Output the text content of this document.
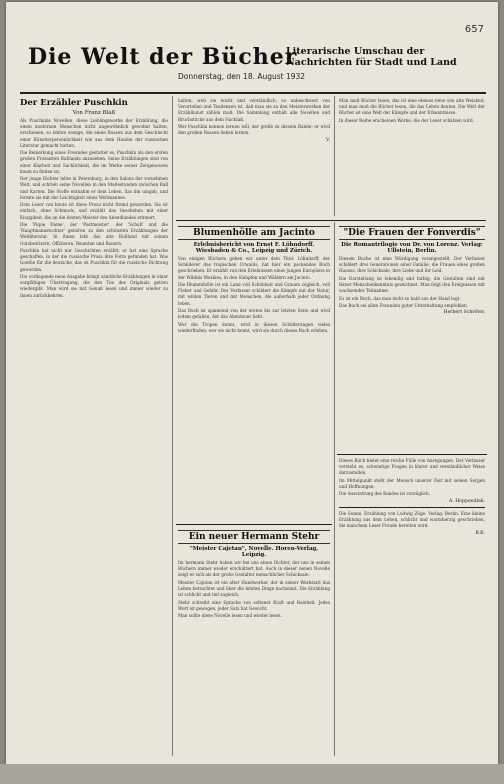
657
Die Welt der Bücher
Literarische Umschau der Nachrichten für Stadt und Land
Donnerstag, den 18. August 1932
Der Erzähler Puschkin
Von Franz Blaß

Als Puschkins Novellen, diese Lieblingswerke der Erzählung, die einen modernen Menschen nicht ungewöhnlich gewohnt halten, erschienen, so lebten wenige, die einen Russen aus dem Geschlecht einer Künstlerpersönlichkeit wie aus dem Haufen der russischen Literatur gemacht hatten.

Die Bemerkung eines Freundes gestattet es, Puschkin als den ersten großen Prosaisten Rußlands anzusehen. Seine Erzählungen sind von einer Klarheit und Sachlichkeit, die im Werke seiner Zeitgenossen kaum zu finden ist.

Der junge Dichter lebte in Petersburg, in den Salons der vornehmen Welt, und schrieb seine Novellen in den Mußestunden zwischen Ball und Karten. Die Stoffe entnahm er dem Leben, das ihn umgab, und formte sie mit der Leichtigkeit eines Weltmannes.

Dem Leser von heute ist diese Prosa nicht fremd geworden. Sie ist einfach, ohne Schmuck, und erzählt das Geschehen mit einer Knappheit, die an die besten Meister des Abendlandes erinnert.

Die 'Pique Dame', der 'Postmeister', der 'Schuß' und die 'Hauptmannstochter' gehören zu den schönsten Erzählungen der Weltliteratur. In ihnen lebt das alte Rußland mit seinen Gutsbesitzern, Offizieren, Beamten und Bauern.

Puschkin hat nicht nur Geschichten erzählt; er hat eine Sprache geschaffen, in der die russische Prosa ihre Form gefunden hat. Was Goethe für die deutsche, das ist Puschkin für die russische Dichtung geworden.

Die vorliegende neue Ausgabe bringt sämtliche Erzählungen in einer sorgfältigen Übertragung, die den Ton des Originals getreu wiedergibt. Man wird sie mit Genuß lesen und immer wieder zu ihnen zurückkehren.

halten, weil sie leicht und verständlich, so unbeschwert von Vorurteilen und Tendenzen ist, daß man sie zu den Meisterwerken der Erzählkunst zählen muß. Die Sammlung enthält alle Novellen und Bruchstücke aus dem Nachlaß.

Wer Puschkin kennen lernen will, der greife zu diesem Bande; er wird den großen Russen lieben lernen.

V.

Man muß Bücher lesen, das ist eine ebenso neue wie alte Weisheit, und man muß die Bücher lesen, die das Leben deuten. Die Welt der Bücher ist eine Welt der Kämpfe und der Erkenntnisse.

In dieser Reihe erscheinen Werke, die der Leser schätzen wird.

Blumenhölle am Jacinto
Erlebnisbericht von Ernst F. Löhndorff. Wiesbaden & Co., Leipzig und Zürich.

Von einigen Büchern gehen wir unter dem Titel: Löhndorff, der Schilderer des tropischen Urwalds, hat hier ein packendes Buch geschrieben. Er erzählt von den Erlebnissen eines jungen Europäers in der Wildnis Mexikos, in den Sümpfen und Wäldern am Jacinto.

Die Blumenhölle ist ein Land voll Schönheit und Grauen zugleich, voll Fieber und Gefahr. Der Verfasser schildert die Kämpfe mit der Natur, mit wilden Tieren und mit Menschen, die außerhalb jeder Ordnung leben.

Das Buch ist spannend von der ersten bis zur letzten Seite und wird jedem gefallen, der das Abenteuer liebt.

Wer die Tropen kennt, wird in diesen Schilderungen vieles wiederfinden; wer sie nicht kennt, wird sie durch dieses Buch erleben.

"Die Frauen der Fonverdis"
Die Romantrilogie von Dr. von Lorenz. Verlag: Ullstein, Berlin.

Diesem Buche ist eine Würdigung vorangestellt. Der Verfasser schildert drei Generationen einer Familie, die Frauen eines großen Hauses, ihre Schicksale, ihre Liebe und ihr Leid.

Die Darstellung ist lebendig und farbig, die Gestalten sind mit feiner Menschenkenntnis gezeichnet. Man folgt den Ereignissen mit wachsender Teilnahme.

Es ist ein Buch, das man nicht so bald aus der Hand legt.

Das Buch sei allen Freunden guter Unterhaltung empfohlen.

Herbert Schröter.
Ein neuer Hermann Stehr
"Meister Cajetan", Novelle. Horen-Verlag, Leipzig.

Im hermann Stehr haben wir bei uns einen Dichter, der uns in seinen Büchern immer wieder erschüttert hat. Auch in dieser neuen Novelle zeigt er sich als der große Gestalter menschlicher Schicksale.

Meister Cajetan ist ein alter Handwerker, der in seiner Werkstatt das Leben betrachtet und über die letzten Dinge nachsinnt. Die Erzählung ist schlicht und tief zugleich.

Stehr schreibt eine Sprache von seltener Kraft und Reinheit. Jedes Wort ist gewogen, jeder Satz hat Gewicht.

Man sollte diese Novelle lesen und wieder lesen.

Dieses Buch bietet eine reiche Fülle von Anregungen. Der Verfasser versteht es, schwierige Fragen in klarer und verständlicher Weise darzustellen.

Im Mittelpunkt steht der Mensch unserer Zeit mit seinen Sorgen und Hoffnungen.

Die Ausstattung des Bandes ist vorzüglich.

A. Hoppendiek.

Die Sonne, Erzählung von Ludwig Zöge. Verlag: Berlin. Eine kleine Erzählung aus dem Leben, schlicht und warmherzig geschrieben, die manchem Leser Freude bereiten wird.

B.B.
